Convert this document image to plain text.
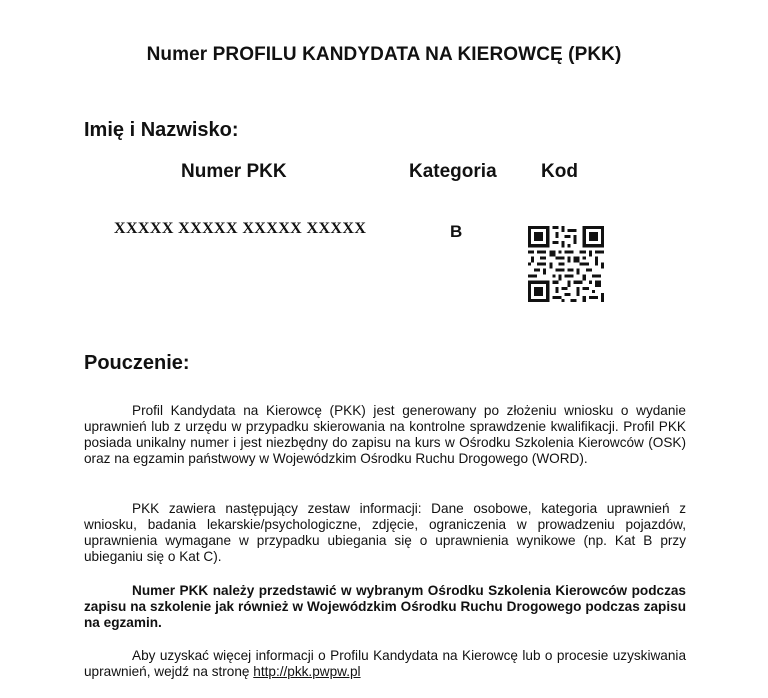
Numer PROFILU KANDYDATA NA KIEROWCĘ (PKK)
Imię i Nazwisko:
Numer PKK	Kategoria Kod
XXXXX XXXXX XXXXX XXXXX	B
Pouczenie:

Profil Kandydata na Kierowcę (PKK) jest generowany po złożeniu wniosku o wydanie uprawnień lub z urzędu w przypadku skierowania na kontrolne sprawdzenie kwalifikacji. Profil PKK posiada unikalny numer i jest niezbędny do zapisu na kurs w Ośrodku Szkolenia Kierowców (OSK) oraz na egzamin państwowy w Wojewódzkim Ośrodku Ruchu Drogowego (WORD).

PKK zawiera następujący zestaw informacji: Dane osobowe, kategoria uprawnień z wniosku, badania lekarskie/psychologiczne, zdjęcie, ograniczenia w prowadzeniu pojazdów, uprawnienia wymagane w przypadku ubiegania się o uprawnienia wynikowe (np. Kat B przy ubieganiu się o Kat C).

Numer PKK należy przedstawić w wybranym Ośrodku Szkolenia Kierowców podczas zapisu na szkolenie jak również w Wojewódzkim Ośrodku Ruchu Drogowego podczas zapisu na egzamin.

Aby uzyskać więcej informacji o Profilu Kandydata na Kierowcę lub o procesie uzyskiwania uprawnień, wejdź na stronę http://pkk.pwpw.pl
